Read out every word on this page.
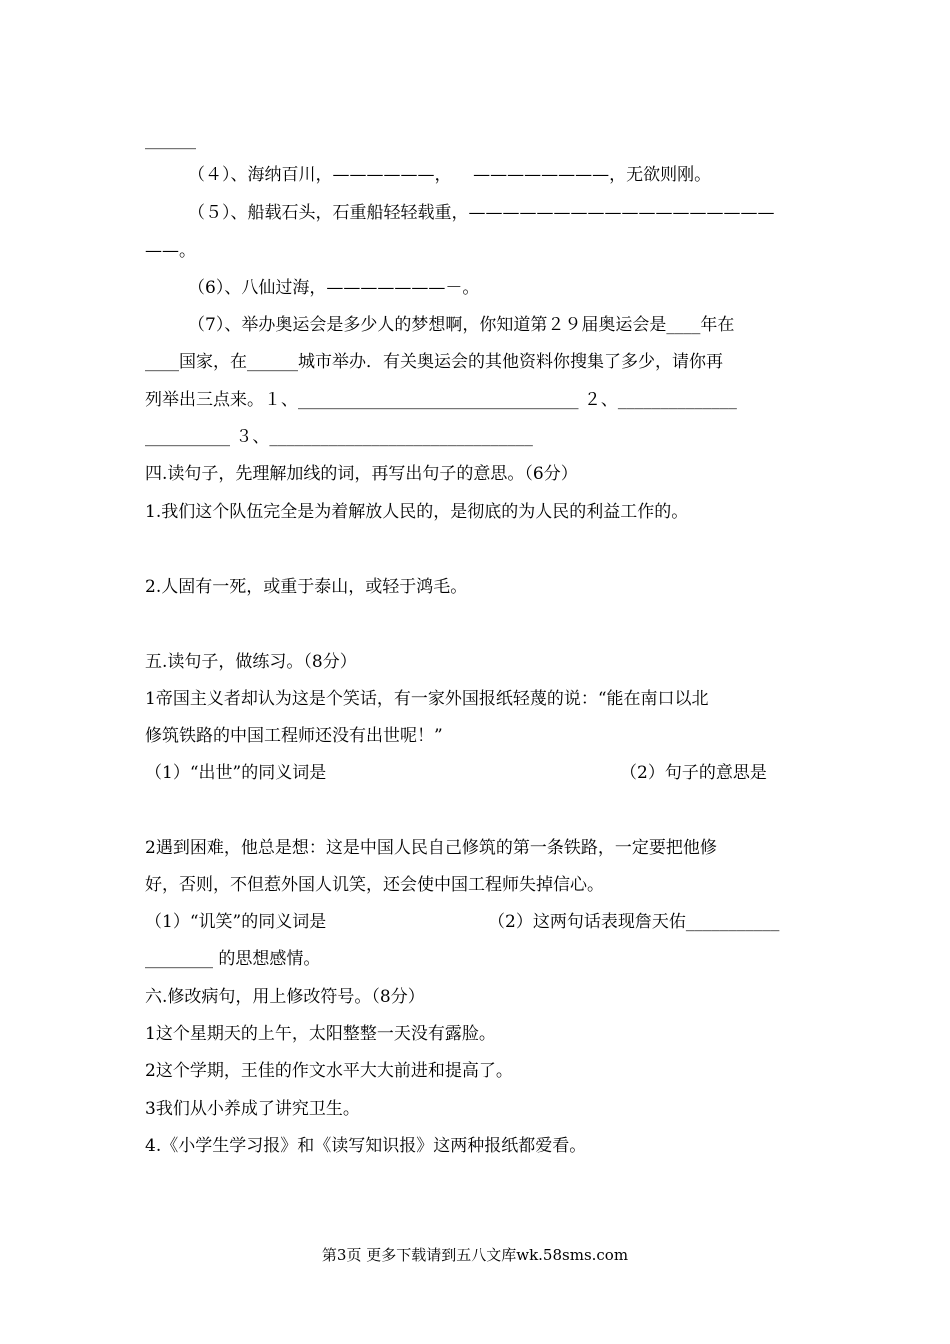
______
（４）、海纳百川，——————，    ————————，无欲则刚。
（５）、船载石头，石重船轻轻载重，——————————————————
——。
（6）、八仙过海，———————－。
（7）、举办奥运会是多少人的梦想啊，你知道第２９届奥运会是____年在
____国家，在______城市举办．有关奥运会的其他资料你搜集了多少，请你再
列举出三点来。１、_________________________________ ２、______________
__________ ３、_______________________________
四.读句子，先理解加线的词，再写出句子的意思。（6分）
1.我们这个队伍完全是为着解放人民的，是彻底的为人民的利益工作的。
2.人固有一死，或重于泰山，或轻于鸿毛。
五.读句子，做练习。（8分）
1帝国主义者却认为这是个笑话，有一家外国报纸轻蔑的说：“能在南口以北
修筑铁路的中国工程师还没有出世呢！”
（1）“出世”的同义词是	（2）句子的意思是
2遇到困难，他总是想：这是中国人民自己修筑的第一条铁路，一定要把他修
好，否则，不但惹外国人讥笑，还会使中国工程师失掉信心。
（1）“讥笑”的同义词是	（2）这两句话表现詹天佑___________
________ 的思想感情。
六.修改病句，用上修改符号。（8分）
1这个星期天的上午，太阳整整一天没有露脸。
2这个学期，王佳的作文水平大大前进和提高了。
3我们从小养成了讲究卫生。
4.《小学生学习报》和《读写知识报》这两种报纸都爱看。
第3页 更多下载请到五八文库wk.58sms.com
